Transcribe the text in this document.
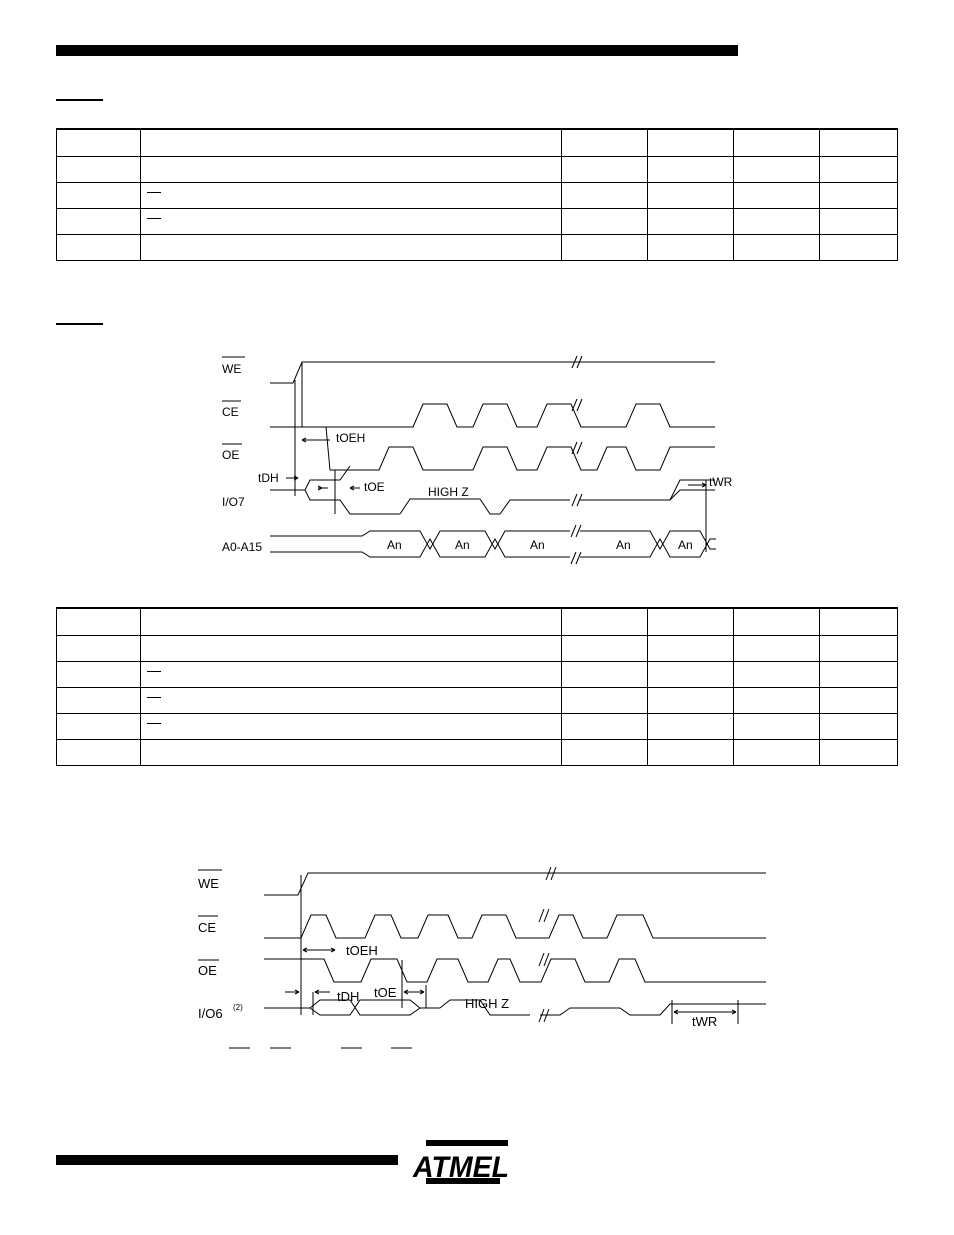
WE
CE
OE
I/O7
A0-A15
tOEH
tDH
tOE	tWR
HIGH Z
An	An	An	An	An
WE
CE
OE
I/O6 (2)
tOEH
tDH tOE
tWR
HIGH Z
ATMEL
